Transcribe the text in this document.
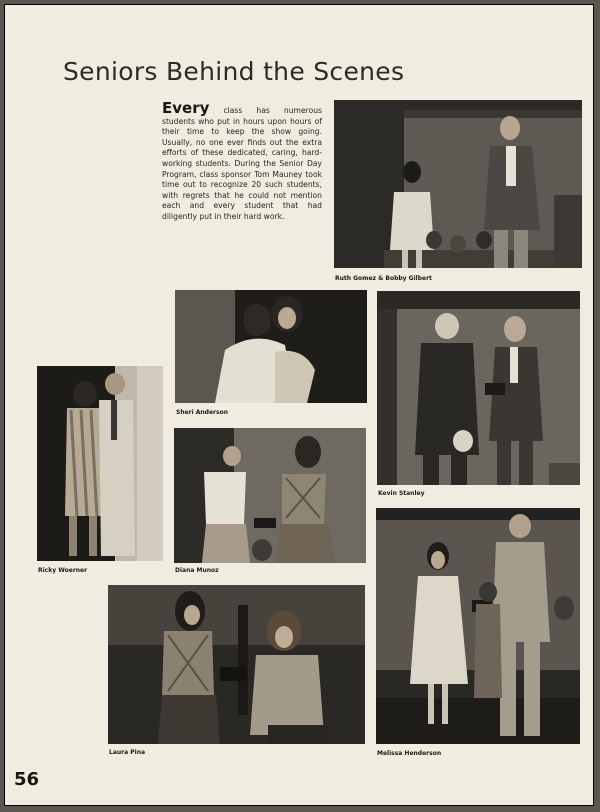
Seniors Behind the Scenes
Every class has numerous students who put in hours upon hours of their time to keep the show going. Usually, no one ever finds out the extra efforts of these dedicated, caring, hard-working students. During the Senior Day Program, class sponsor Tom Mauney took time out to recognize 20 such students, with regrets that he could not mention each and every student that had diligently put in their hard work.
Ruth Gomez & Bobby Gilbert
Sheri Anderson
Kevin Stanley
Ricky Woerner	Diana Munoz
Laura Pina	Melissa Henderson
56
